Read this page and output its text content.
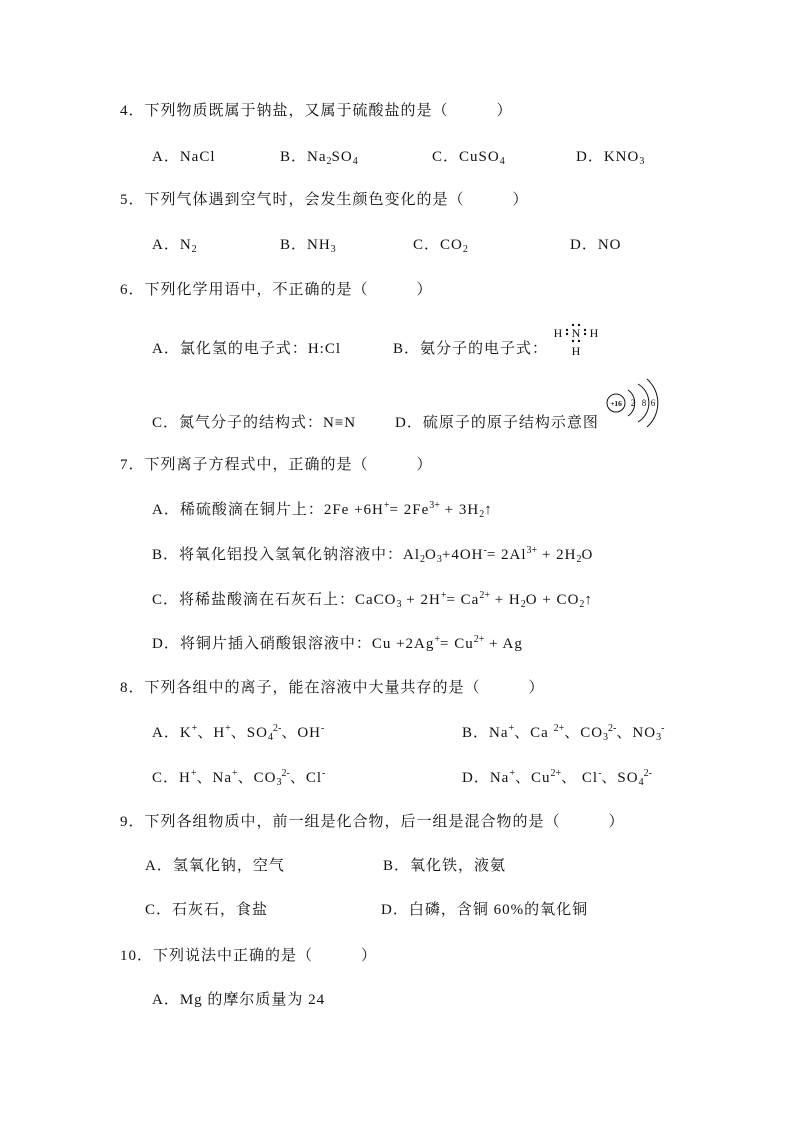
4．下列物质既属于钠盐，又属于硫酸盐的是（　　　）
A．NaCl	B．$Na_2SO_4$	C．CuSO$_4$	D．$KNO_3$
5．下列气体遇到空气时，会发生颜色变化的是（　　　）
A．$N_2$	B．$NH_3$	C．$CO_2$	D．NO
6．下列化学用语中，不正确的是（　　　）
A．氯化氢的电子式：H:Cl	B．氨分子的电子式：
H N H
H
C．氮气分子的结构式：N≡N	D．硫原子的原子结构示意图
+16 2 8 6
7．下列离子方程式中，正确的是（　　　）
A．稀硫酸滴在铜片上：$2Fe +6H^+= 2Fe^{3+}$ + $3H_2↑$
B．将氧化铝投入氢氧化钠溶液中：$Al_2O_3+4OH^-= 2Al^{3+} + 2H_2O$
C．将稀盐酸滴在石灰石上：CaCO$_3$ + $2H^+= Ca^{2+} + H_2O$ + $CO_2↑$
D．将铜片插入硝酸银溶液中：$Cu +2Ag^+= Cu^{2+} + Ag$
8．下列各组中的离子，能在溶液中大量共存的是（　　　）
A．K+、H+、$SO_4^{2-}$、OH-	B．Na+、Ca $^{2+}$、$CO_3^{2-}$、$NO_3^-$
C．H+、Na+、$CO_3^{2-}$、Cl-	D．Na+、$Cu^{2+}$、 Cl-、$SO_4^{2-}$
9．下列各组物质中，前一组是化合物，后一组是混合物的是（　　　）
A．氢氧化钠，空气	B．氧化铁，液氨
C．石灰石，食盐	D．白磷，含铜 60%的氧化铜
10．下列说法中正确的是（　　　）
A．Mg 的摩尔质量为 24
